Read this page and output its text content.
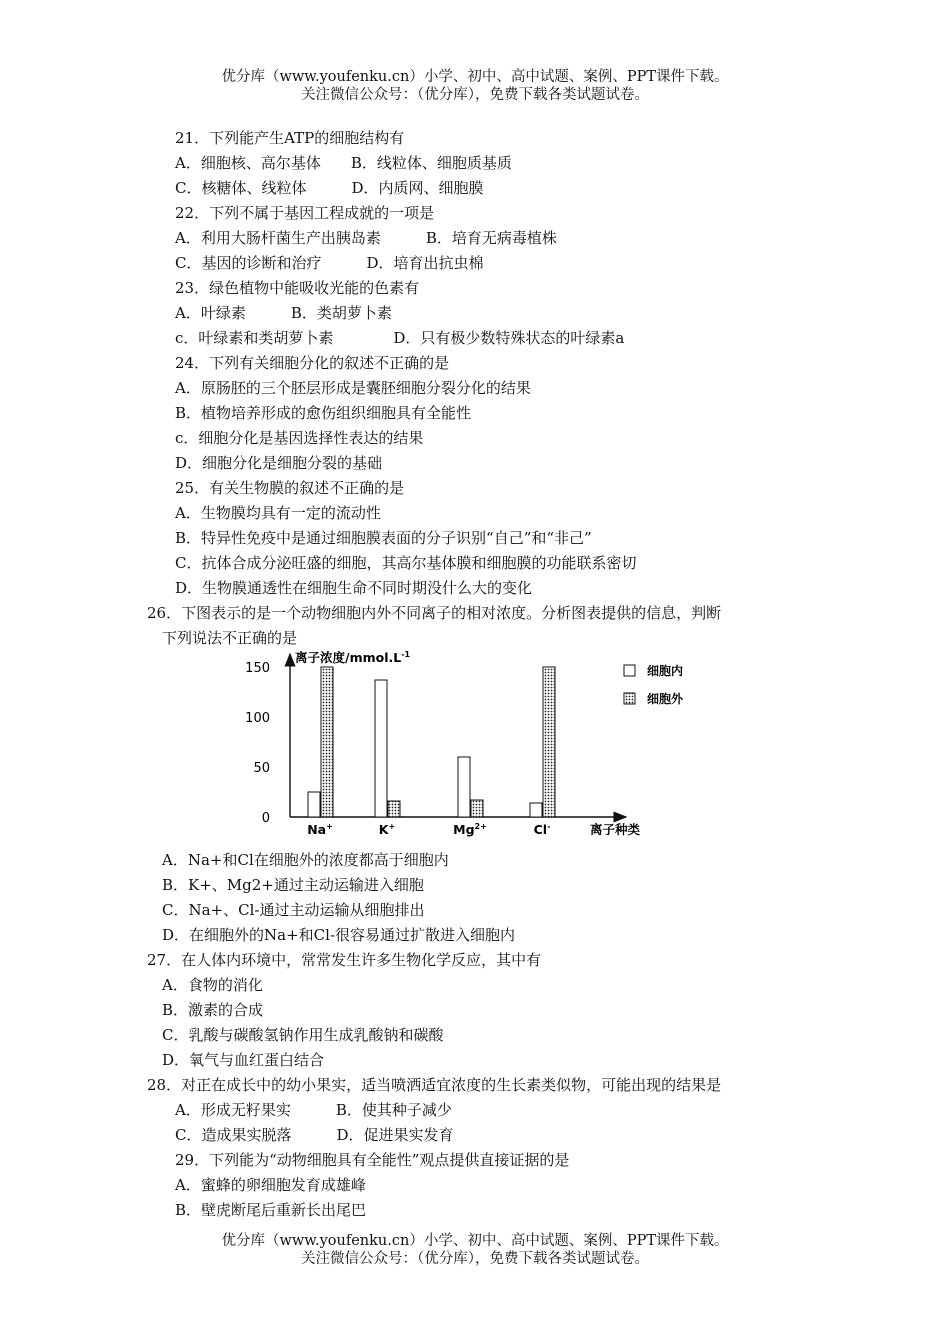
优分库（www.youfenku.cn）小学、初中、高中试题、案例、PPT课件下载。
关注微信公众号：（优分库），免费下载各类试题试卷。
21．下列能产生ATP的细胞结构有
A．细胞核、高尔基体　　B．线粒体、细胞质基质
C．核糖体、线粒体　　　D．内质网、细胞膜
22．下列不属于基因工程成就的一项是
A．利用大肠杆菌生产出胰岛素　　　B．培育无病毒植株
C．基因的诊断和治疗　　　D．培育出抗虫棉
23．绿色植物中能吸收光能的色素有
A．叶绿素　　　B．类胡萝卜素
c．叶绿素和类胡萝卜素　　　　D．只有极少数特殊状态的叶绿素a
24．下列有关细胞分化的叙述不正确的是
A．原肠胚的三个胚层形成是囊胚细胞分裂分化的结果
B．植物培养形成的愈伤组织细胞具有全能性
c．细胞分化是基因选择性表达的结果
D．细胞分化是细胞分裂的基础
25．有关生物膜的叙述不正确的是
A．生物膜均具有一定的流动性
B．特异性免疫中是通过细胞膜表面的分子识别“自己”和“非己”
C．抗体合成分泌旺盛的细胞，其高尔基体膜和细胞膜的功能联系密切
D．生物膜通透性在细胞生命不同时期没什么大的变化
26．下图表示的是一个动物细胞内外不同离子的相对浓度。分析图表提供的信息，判断
下列说法不正确的是
离子浓度$/mmol.L^{-1}$
离子种类
0
50
100
150
Na+	K+	$Mg^{2+}$	Cl-
细胞内
细胞外
A．Na+和Cl在细胞外的浓度都高于细胞内
B．K+、Mg2+通过主动运输进入细胞
C．Na+、Cl-通过主动运输从细胞排出
D．在细胞外的Na+和Cl-很容易通过扩散进入细胞内
27．在人体内环境中，常常发生许多生物化学反应，其中有
A．食物的消化
B．激素的合成
C．乳酸与碳酸氢钠作用生成乳酸钠和碳酸
D．氧气与血红蛋白结合
28．对正在成长中的幼小果实，适当喷洒适宜浓度的生长素类似物，可能出现的结果是
A．形成无籽果实　　　B．使其种子减少
C．造成果实脱落　　　D．促进果实发育
29．下列能为“动物细胞具有全能性”观点提供直接证据的是
A．蜜蜂的卵细胞发育成雄峰
B．壁虎断尾后重新长出尾巴
优分库（www.youfenku.cn）小学、初中、高中试题、案例、PPT课件下载。
关注微信公众号：（优分库），免费下载各类试题试卷。
